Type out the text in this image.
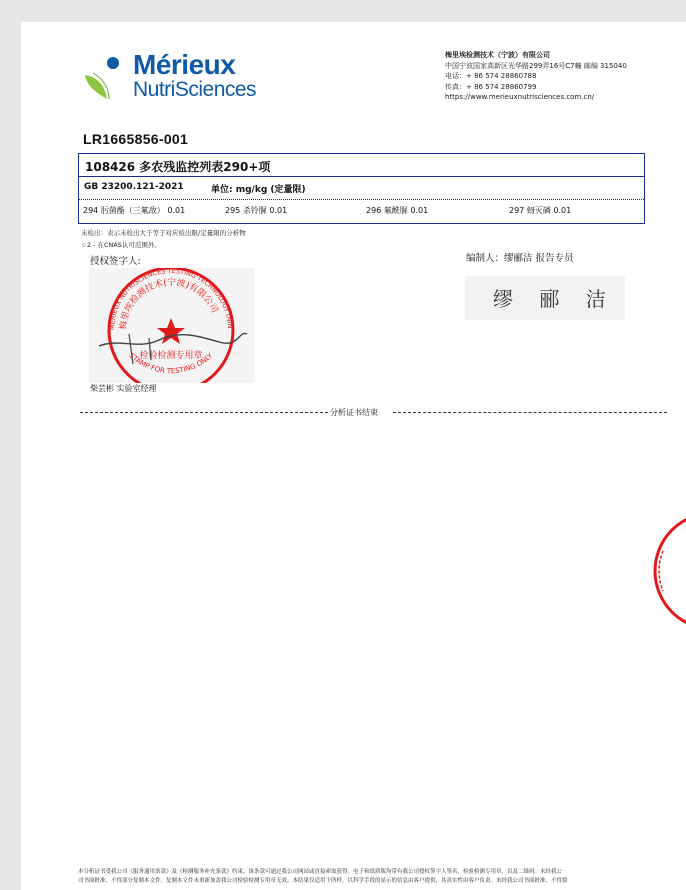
Mérieux
NutriSciences
梅里埃检测技术（宁波）有限公司
中国宁波国家高新区光华路299弄16号C7幢 邮编 315040
电话：+ 86 574 28860788
传真：+ 86 574 28860799
https://www.merieuxnutrisciences.com.cn/
LR1665856-001
108426 多农残监控列表290+项
GB 23200.121-2021	单位: mg/kg (定量限)
294 肟菌酯（三氟敌） 0.01	295 杀铃脲 0.01	296 氟酰脲 0.01	297 蚜灭磷 0.01
未检出：表示未检出大于等于对应检出限/定量限的分析物
☆2 - 在CNAS认可范围外。
授权签字人:	编制人：缪郦洁 报告专员
缪 郦 洁
MERIEUX NUTRISCIENCES TESTING TECHNOLOGY (NIN
梅里埃检测技术(宁波)有限公司
检验检测专用章
STAMP FOR TESTING ONLY
柴芸彬 实验室经理
分析证书结束
本分析证书受我公司《服务通用条款》及《检测服务补充条款》约束，该条款可通过我公司网站或直接索取获得。电子和纸质版均带有我公司授权签字人签名，检验检测专用章，以及二维码。未经我公
司书面批准，不得部分复制本文件。复制本文件未重新加盖我公司检验检测专用章无效。本结果仅适用于所样，以科学手段的显示的信息由客户提供，其真实性由客户负责。未经我公司书面批准，不得篡
